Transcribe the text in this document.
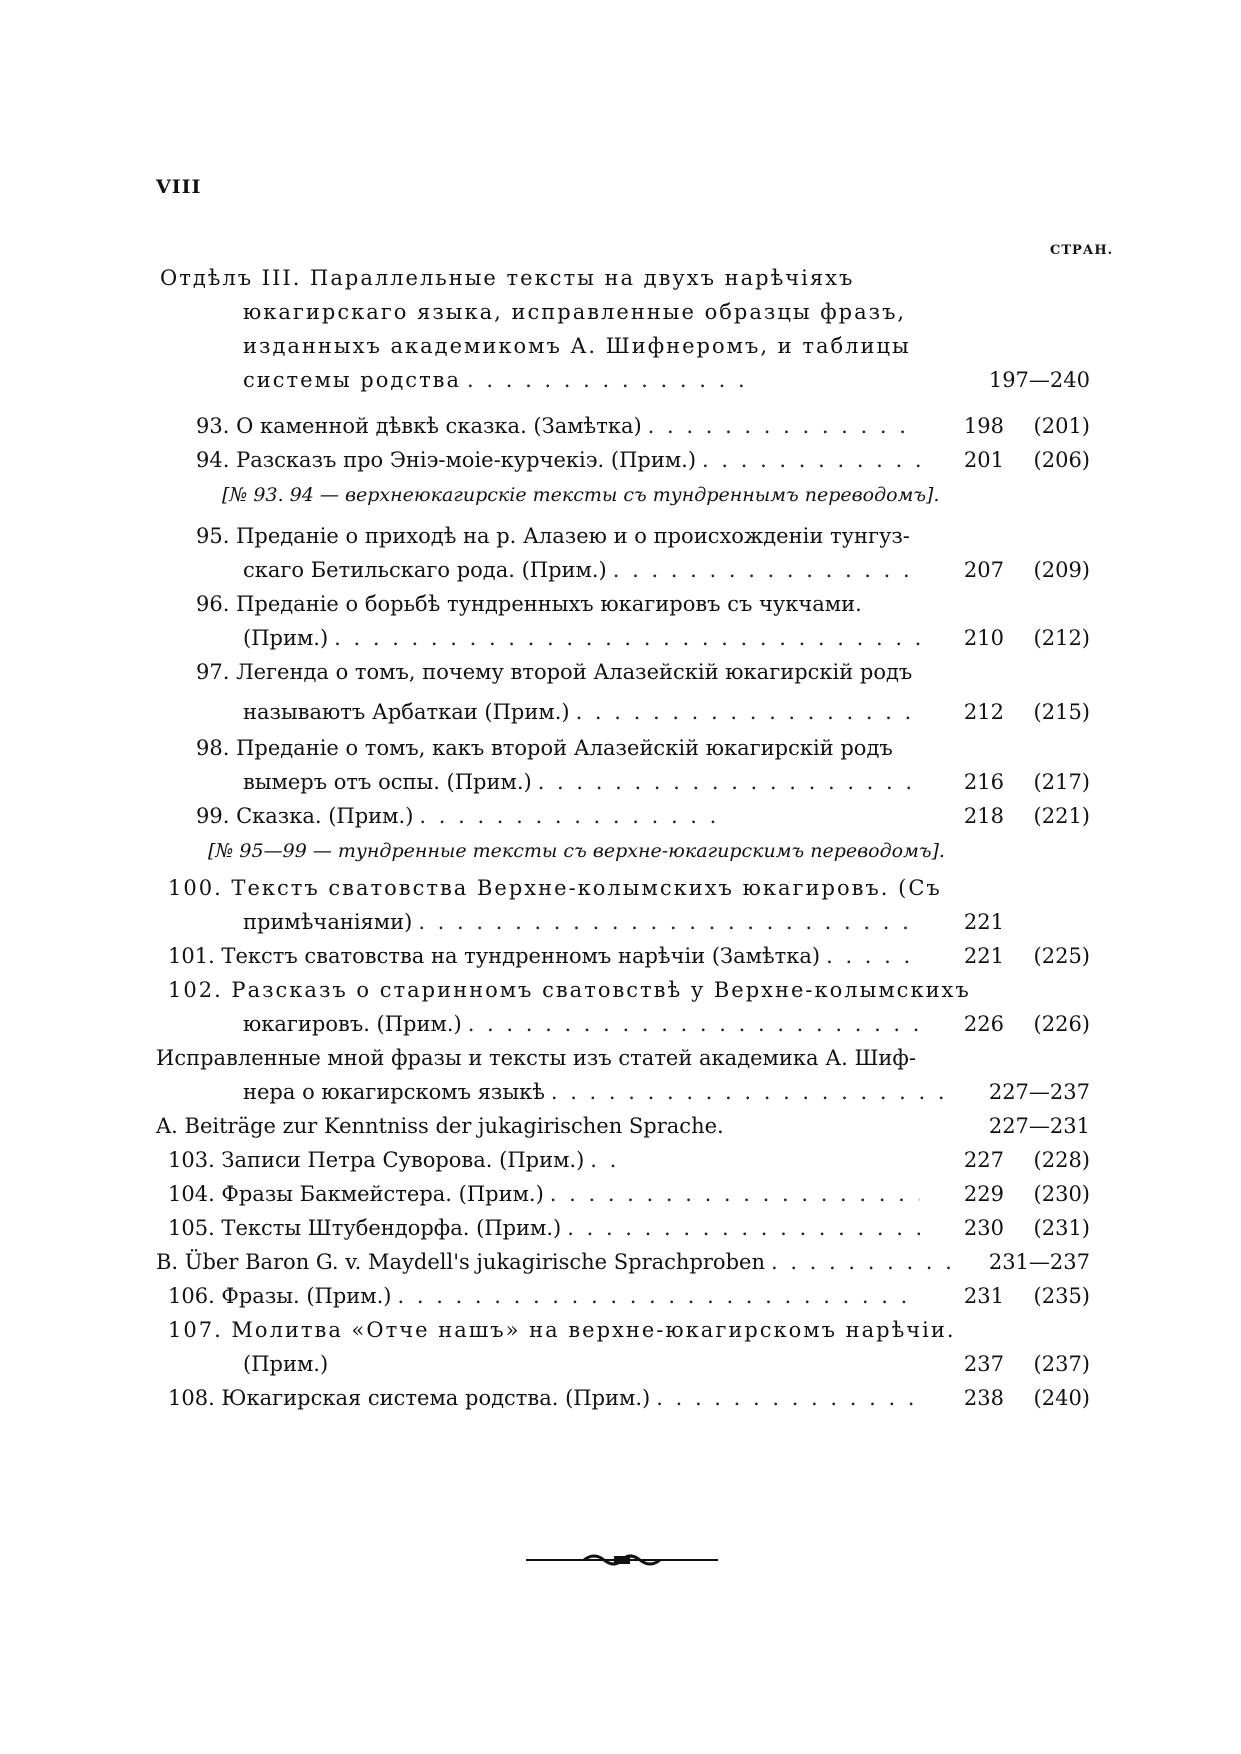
VIII
СТРАН.
Отдѣлъ III. Параллельные тексты на двухъ нарѣчіяхъ
юкагирскаго языка, исправленные образцы фразъ,
изданныхъ академикомъ А. Шифнеромъ, и таблицы
системы родства . . .	197—240
93. О каменной дѣвкѣ сказка. (Замѣтка) . . .	198	(201)
94. Разсказъ про Эніэ-моіе-курчекіэ. (Прим.) . . .	201	(206)
[№ 93. 94 — верхнеюкагирскіе тексты съ тундреннымъ переводомъ].
95. Преданіе о приходѣ на р. Алазею и о происхожденіи тунгуз-
скаго Бетильскаго рода. (Прим.) . . .	207	(209)
96. Преданіе о борьбѣ тундренныхъ юкагировъ съ чукчами.
(Прим.) . . .	210	(212)
97. Легенда о томъ, почему второй Алазейскій юкагирскій родъ
называютъ Арбаткаи (Прим.) . . .	212	(215)
98. Преданіе о томъ, какъ второй Алазейскій юкагирскій родъ
вымеръ отъ оспы. (Прим.) . . .	216	(217)
99. Сказка. (Прим.) . . .	218	(221)
[№ 95—99 — тундренные тексты съ верхне-юкагирскимъ переводомъ].
100. Текстъ сватовства Верхне-колымскихъ юкагировъ. (Съ
примѣчаніями) . . .	221
101. Текстъ сватовства на тундренномъ нарѣчіи (Замѣтка) . . .	221	(225)
102. Разсказъ о старинномъ сватовствѣ у Верхне-колымскихъ
юкагировъ. (Прим.) . . .	226	(226)
Исправленные мной фразы и тексты изъ статей академика А. Шиф-
нера о юкагирскомъ языкѣ . . .	227—237
A. Beiträge zur Kenntniss der jukagirischen Sprache.	227—231
103. Записи Петра Суворова. (Прим.) . . .	227	(228)
104. Фразы Бакмейстера. (Прим.) . . .	229	(230)
105. Тексты Штубендорфа. (Прим.) . . .	230	(231)
B. Über Baron G. v. Maydell's jukagirische Sprachproben . . .	231—237
106. Фразы. (Прим.) . . .	231	(235)
107. Молитва «Отче нашъ» на верхне-юкагирскомъ нарѣчіи.
(Прим.)	237	(237)
108. Юкагирская система родства. (Прим.) . . .	238	(240)
